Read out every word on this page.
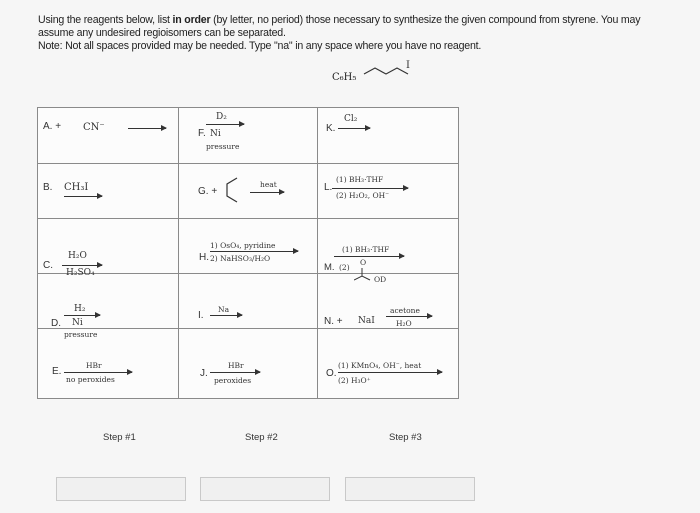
Using the reagents below, list in order (by letter, no period) those necessary to synthesize the given compound from styrene. You may

assume any undesired regioisomers can be separated.

Note: Not all spaces provided may be needed. Type "na" in any space where you have no reagent.

C₆H₅
I
A. + CN⁻
B. CH₃I
C.
H₂O
H₂SO₄
D.
H₂
Ni
pressure
E.
HBr
no peroxides
D₂
F. Ni
pressure
G. +
heat
H.
1) OsO₄, pyridine
2) NaHSO₃/H₂O
I.
Na
J.
HBr
peroxides
K.
Cl₂
L.
(1) BH₃·THF
(2) H₂O₂, OH⁻
(1) BH₃·THF
M. (2)
O
OD
N. + NaI
acetone
H₂O
O.
(1) KMnO₄, OH⁻, heat
(2) H₃O⁺
Step #1	Step #2	Step #3
